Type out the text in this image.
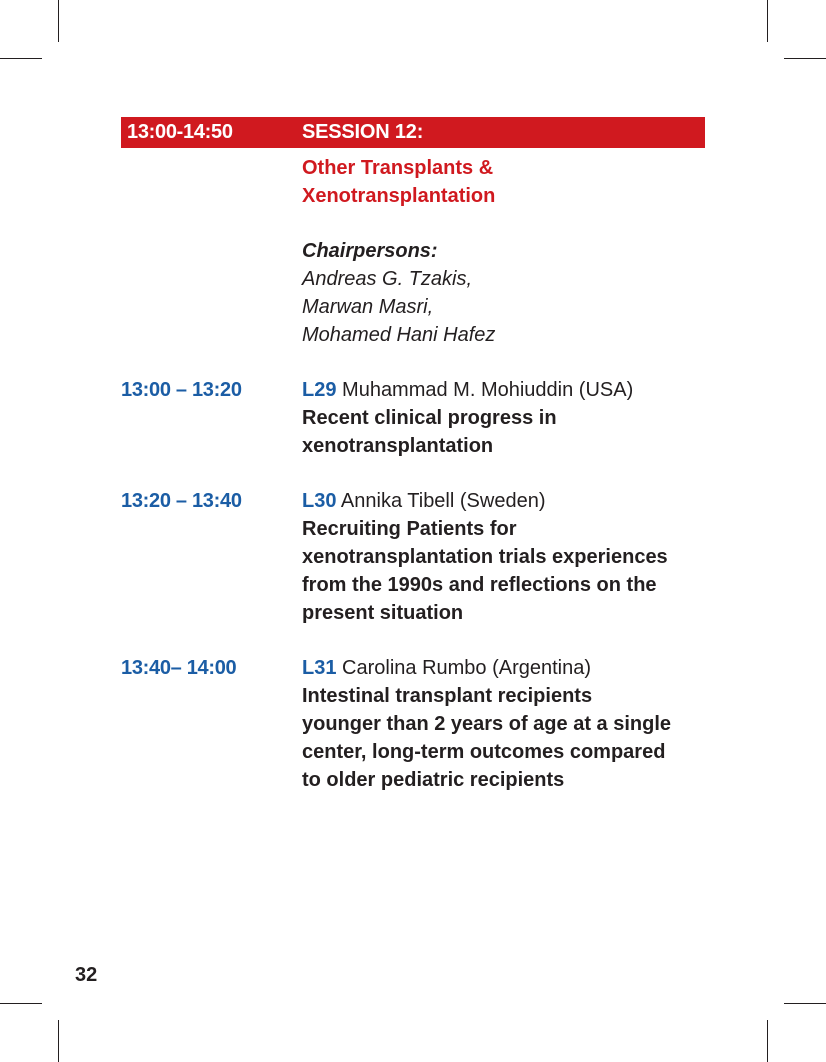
13:00-14:50	SESSION 12:
Other Transplants &
Xenotransplantation
Chairpersons:
Andreas G. Tzakis,
Marwan Masri,
Mohamed Hani Hafez
13:00 – 13:20	L29 Muhammad M. Mohiuddin (USA)
Recent clinical progress in
xenotransplantation
13:20 – 13:40	L30 Annika Tibell (Sweden)
Recruiting Patients for
xenotransplantation trials experiences
from the 1990s and reflections on the
present situation
13:40– 14:00	L31 Carolina Rumbo (Argentina)
Intestinal transplant recipients
younger than 2 years of age at a single
center, long-term outcomes compared
to older pediatric recipients
32
